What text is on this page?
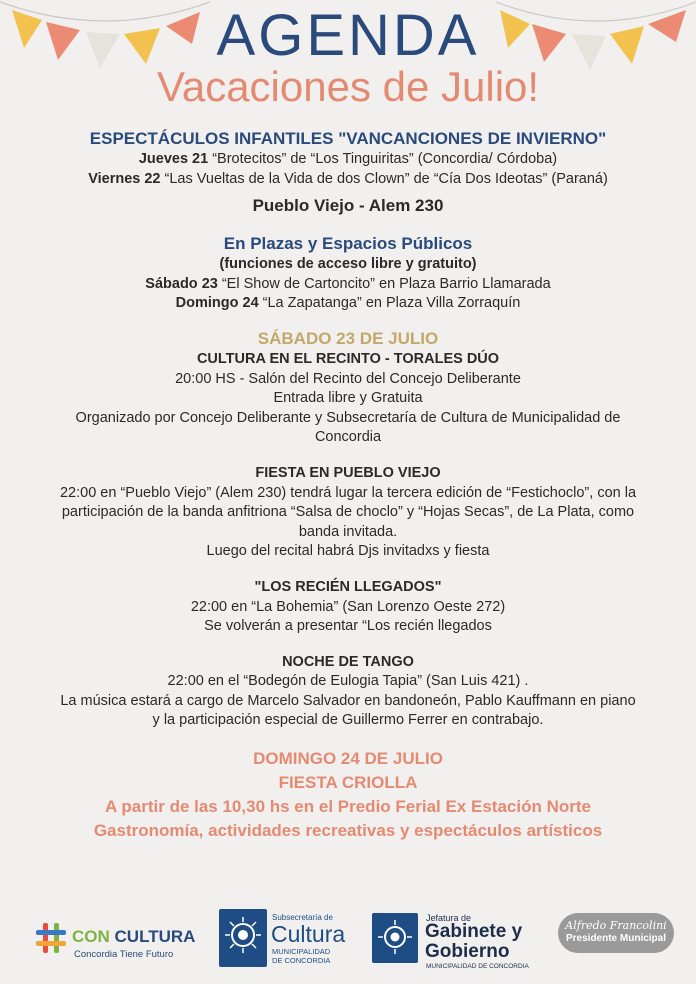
AGENDA
Vacaciones de Julio!

ESPECTÁCULOS INFANTILES "VANCANCIONES DE INVIERNO"

Jueves 21 “Brotecitos” de “Los Tinguiritas” (Concordia/ Córdoba)

Viernes 22 “Las Vueltas de la Vida de dos Clown” de “Cía Dos Ideotas” (Paraná)

Pueblo Viejo - Alem 230

En Plazas y Espacios Públicos

(funciones de acceso libre y gratuito)

Sábado 23 “El Show de Cartoncito” en Plaza Barrio Llamarada

Domingo 24 “La Zapatanga” en Plaza Villa Zorraquín

SÁBADO 23 DE JULIO

CULTURA EN EL RECINTO - TORALES DÚO

20:00 HS - Salón del Recinto del Concejo Deliberante

Entrada libre y Gratuita

Organizado por Concejo Deliberante y Subsecretaría de Cultura de Municipalidad de

Concordia

FIESTA EN PUEBLO VIEJO

22:00 en “Pueblo Viejo” (Alem 230) tendrá lugar la tercera edición de “Festichoclo”, con la

participación de la banda anfitriona “Salsa de choclo” y “Hojas Secas”, de La Plata, como

banda invitada.

Luego del recital habrá Djs invitadxs y fiesta

"LOS RECIÉN LLEGADOS"

22:00 en “La Bohemia” (San Lorenzo Oeste 272)

Se volverán a presentar “Los recién llegados

NOCHE DE TANGO

22:00 en el “Bodegón de Eulogia Tapia” (San Luis 421) .

La música estará a cargo de Marcelo Salvador en bandoneón, Pablo Kauffmann en piano

y la participación especial de Guillermo Ferrer en contrabajo.

DOMINGO 24 DE JULIO

FIESTA CRIOLLA

A partir de las 10,30 hs en el Predio Ferial Ex Estación Norte

Gastronomía, actividades recreativas y espectáculos artísticos

CON CULTURA
Concordia Tiene Futuro
Subsecretaría de
Cultura
MUNICIPALIDAD
DE CONCORDIA
Jefatura de
Gabinete y
Gobierno
MUNICIPALIDAD DE CONCORDIA
Alfredo Francolini
Presidente Municipal
